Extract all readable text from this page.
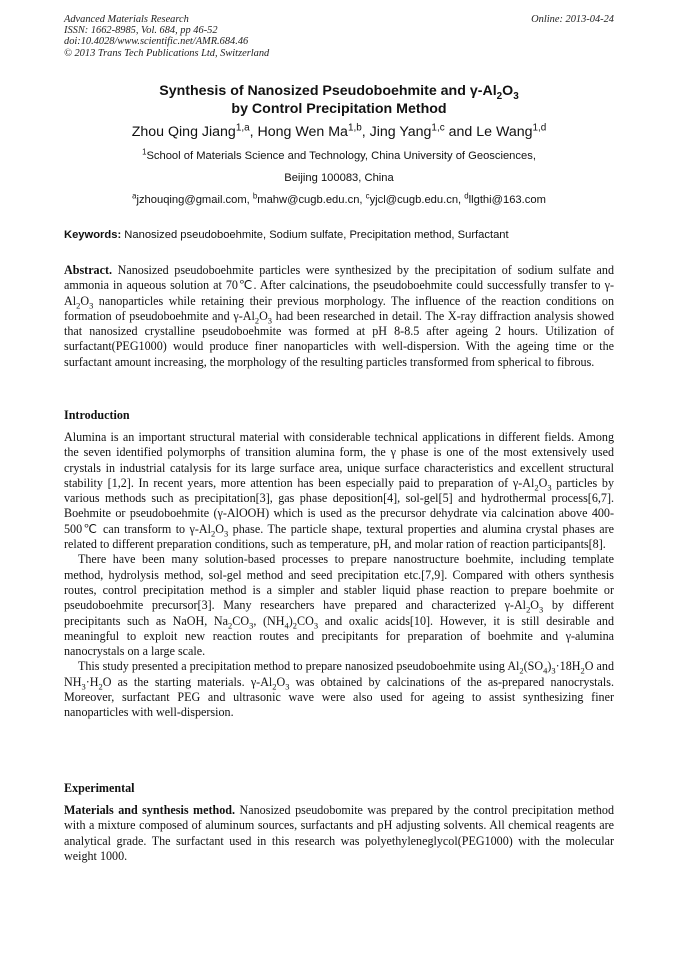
Advanced Materials Research
ISSN: 1662-8985, Vol. 684, pp 46-52
doi:10.4028/www.scientific.net/AMR.684.46
© 2013 Trans Tech Publications Ltd, Switzerland
Online: 2013-04-24
Synthesis of Nanosized Pseudoboehmite and $\gamma-Al_2O_3$
by Control Precipitation Method
Zhou Qing Jiang$^{1,a}$, Hong Wen Ma$^{1,b}$, Jing Yang$^{1,c}$ and Le Wang$^{1,d}$
$^1$School of Materials Science and Technology, China University of Geosciences,
Beijing 100083, China
$^a$jzhouqing@gmail.com, $^b$mahw@cugb.edu.cn, $^c$yjcl@cugb.edu.cn, $^d$llgthi@163.com
Keywords: Nanosized pseudoboehmite, Sodium sulfate, Precipitation method, Surfactant

Abstract. Nanosized pseudoboehmite particles were synthesized by the precipitation of sodium sulfate and ammonia in aqueous solution at 70℃. After calcinations, the pseudoboehmite could successfully transfer to $\gamma-Al_2O_3$ nanoparticles while retaining their previous morphology. The influence of the reaction conditions on formation of pseudoboehmite and $\gamma-Al_2O_3$ had been researched in detail. The X-ray diffraction analysis showed that nanosized crystalline pseudoboehmite was formed at pH 8-8.5 after ageing 2 hours. Utilization of surfactant(PEG1000) would produce finer nanoparticles with well-dispersion. With the ageing time or the surfactant amount increasing, the morphology of the resulting particles transformed from spherical to fibrous.

Introduction

Alumina is an important structural material with considerable technical applications in different fields. Among the seven identified polymorphs of transition alumina form, the γ phase is one of the most extensively used crystals in industrial catalysis for its large surface area, unique surface characteristics and excellent structural stability [1,2]. In recent years, more attention has been especially paid to preparation of $\gamma-Al_2O_3$ particles by various methods such as precipitation[3], gas phase deposition[4], sol-gel[5] and hydrothermal process[6,7]. Boehmite or pseudoboehmite (γ-AlOOH) which is used as the precursor dehydrate via calcination above 400-500℃ can transform to $\gamma-Al_2O_3$ phase. The particle shape, textural properties and alumina crystal phases are related to different preparation conditions, such as temperature, pH, and molar ration of reaction participants[8].

There have been many solution-based processes to prepare nanostructure boehmite, including template method, hydrolysis method, sol-gel method and seed precipitation etc.[7,9]. Compared with others synthesis routes, control precipitation method is a simpler and stabler liquid phase reaction to prepare boehmite or pseudoboehmite precursor[3]. Many researchers have prepared and characterized $\gamma-Al_2O_3$ by different precipitants such as NaOH, $Na_2CO_3$, $(NH_4)_2CO_3$ and oxalic acids[10]. However, it is still desirable and meaningful to exploit new reaction routes and precipitants for preparation of boehmite and γ-alumina nanocrystals on a large scale.

This study presented a precipitation method to prepare nanosized pseudoboehmite using $Al_2(SO_4)_3\cdot 18H_2O$ and $NH_3\cdot H_2O$ as the starting materials. $\gamma-Al_2O_3$ was obtained by calcinations of the as-prepared nanocrystals. Moreover, surfactant PEG and ultrasonic wave were also used for ageing to assist synthesizing finer nanoparticles with well-dispersion.

Experimental

Materials and synthesis method. Nanosized pseudobomite was prepared by the control precipitation method with a mixture composed of aluminum sources, surfactants and pH adjusting solvents. All chemical reagents are analytical grade. The surfactant used in this research was polyethyleneglycol(PEG1000) with the molecular weight 1000.
